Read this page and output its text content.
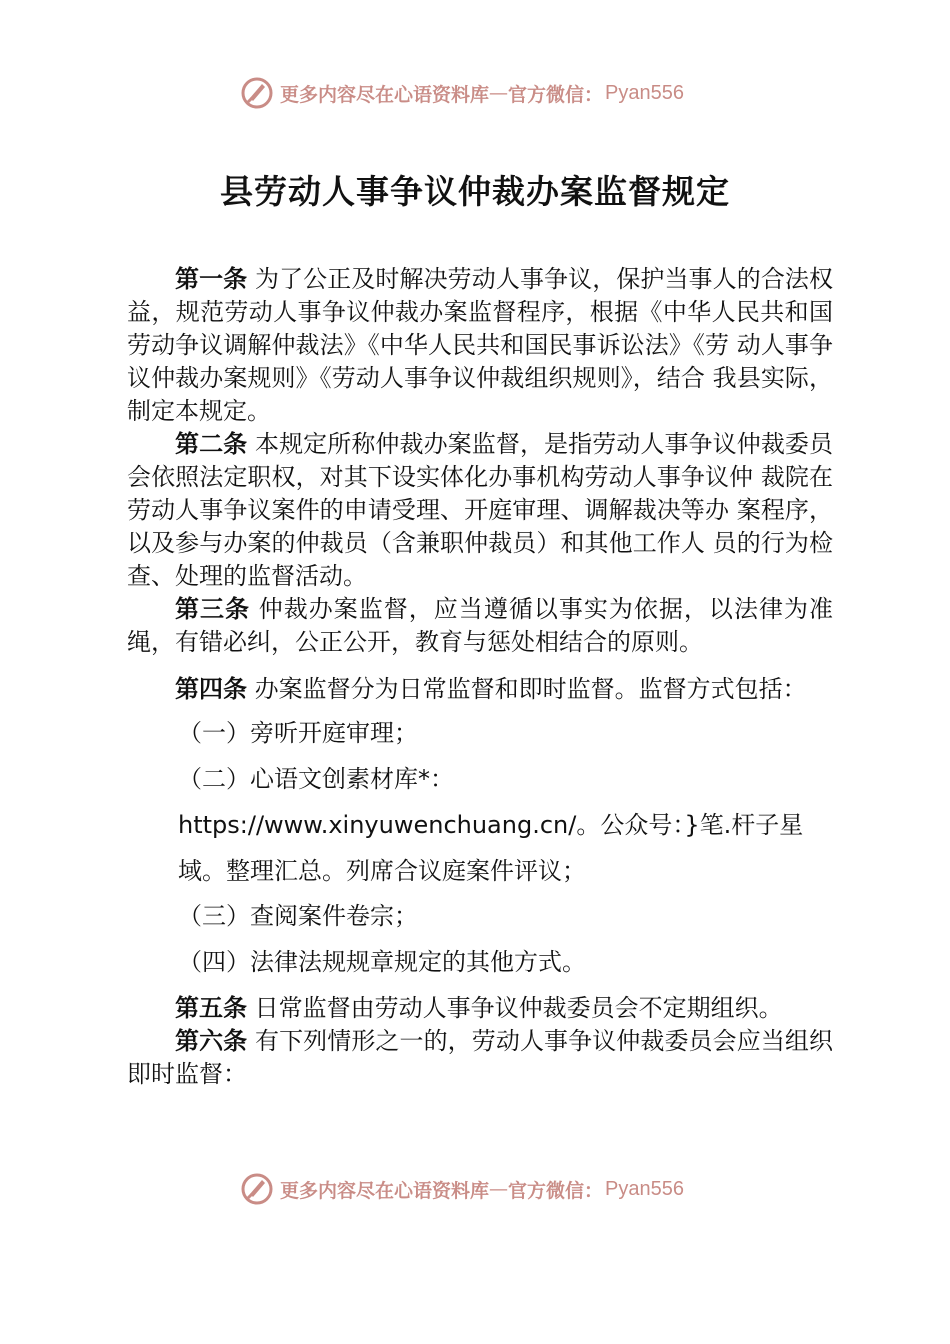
更多内容尽在心语资料库 — 官方微信： Pyan556
县劳动人事争议仲裁办案监督规定

第一条 为了公正及时解决劳动人事争议，保护当事人的合法权益，规范劳动人事争议仲裁办案监督程序，根据《中华人民共和国劳动争议调解仲裁法》《中华人民共和国民事诉讼法》《劳 动人事争议仲裁办案规则》《劳动人事争议仲裁组织规则》，结合 我县实际，制定本规定。

第二条 本规定所称仲裁办案监督，是指劳动人事争议仲裁委员会依照法定职权，对其下设实体化办事机构劳动人事争议仲 裁院在劳动人事争议案件的申请受理、开庭审理、调解裁决等办 案程序，以及参与办案的仲裁员（含兼职仲裁员）和其他工作人 员的行为检查、处理的监督活动。

第三条 仲裁办案监督，应当遵循以事实为依据，以法律为准绳，有错必纠，公正公开，教育与惩处相结合的原则。

第四条 办案监督分为日常监督和即时监督。监督方式包括：

（一）旁听开庭审理；
（二）心语文创素材库*：https://www.xinyuwenchuang.cn/。公众号：}笔.杆子星域。整理汇总。列席合议庭案件评议；
（三）查阅案件卷宗；
（四）法律法规规章规定的其他方式。

第五条 日常监督由劳动人事争议仲裁委员会不定期组织。

第六条 有下列情形之一的，劳动人事争议仲裁委员会应当组织即时监督：

更多内容尽在心语资料库 — 官方微信： Pyan556
